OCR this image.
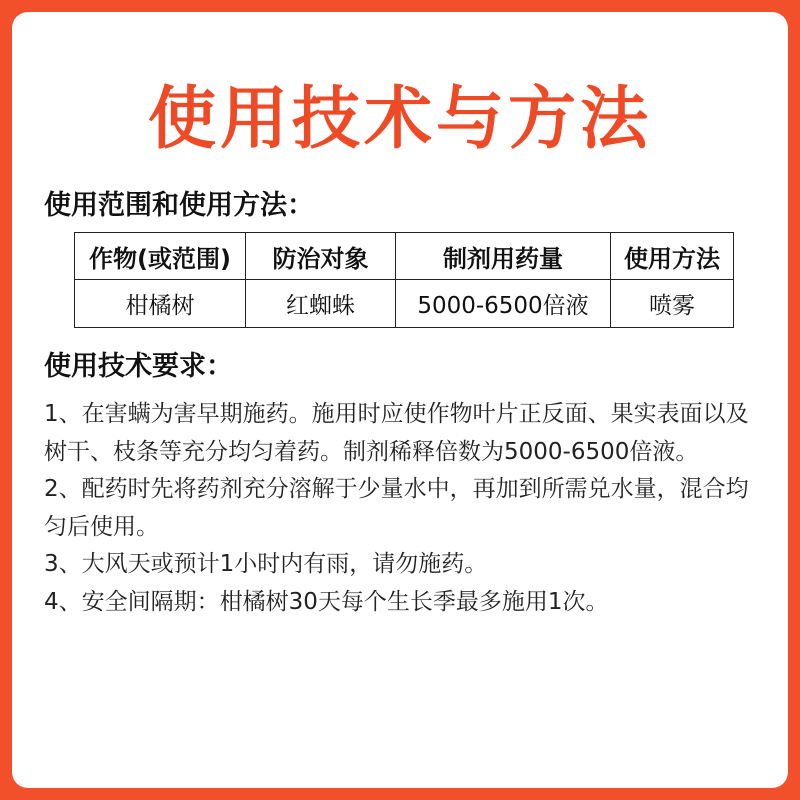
使用技术与方法
使用范围和使用方法：
作物(或范围)	防治对象	制剂用药量	使用方法
柑橘树	红蜘蛛	5000-6500倍液	喷雾
使用技术要求：

1、在害螨为害早期施药。施用时应使作物叶片正反面、果实表面以及树干、枝条等充分均匀着药。制剂稀释倍数为5000-6500倍液。

2、配药时先将药剂充分溶解于少量水中，再加到所需兑水量，混合均匀后使用。

3、大风天或预计1小时内有雨，请勿施药。

4、安全间隔期：柑橘树30天每个生长季最多施用1次。
